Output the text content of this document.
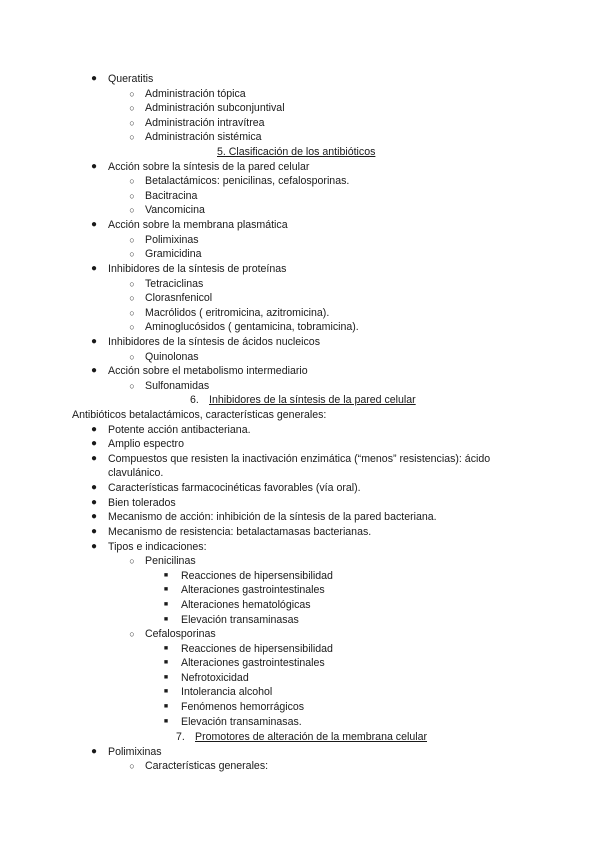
● Queratitis
○ Administración tópica
○ Administración subconjuntival
○ Administración intravítrea
○ Administración sistémica
5. Clasificación de los antibióticos
● Acción sobre la síntesis de la pared celular
○ Betalactámicos: penicilinas, cefalosporinas.
○ Bacitracina
○ Vancomicina
● Acción sobre la membrana plasmática
○ Polimixinas
○ Gramicidina
● Inhibidores de la síntesis de proteínas
○ Tetraciclinas
○ Clorasnfenicol
○ Macrólidos ( eritromicina, azitromicina).
○ Aminoglucósidos ( gentamicina, tobramicina).
● Inhibidores de la síntesis de ácidos nucleicos
○ Quinolonas
● Acción sobre el metabolismo intermediario
○ Sulfonamidas
6. Inhibidores de la síntesis de la pared celular
Antibióticos betalactámicos, características generales:
● Potente acción antibacteriana.
● Amplio espectro
● Compuestos que resisten la inactivación enzimática (“menos” resistencias): ácido
clavulánico.
● Características farmacocinéticas favorables (vía oral).
● Bien tolerados
● Mecanismo de acción: inhibición de la síntesis de la pared bacteriana.
● Mecanismo de resistencia: betalactamasas bacterianas.
● Tipos e indicaciones:
○ Penicilinas
■	Reacciones de hipersensibilidad
■	Alteraciones gastrointestinales
■	Alteraciones hematológicas
■	Elevación transaminasas
○ Cefalosporinas
■	Reacciones de hipersensibilidad
■	Alteraciones gastrointestinales
■	Nefrotoxicidad
■	Intolerancia alcohol
■	Fenómenos hemorrágicos
■	Elevación transaminasas.
7. Promotores de alteración de la membrana celular
● Polimixinas
○ Características generales:
